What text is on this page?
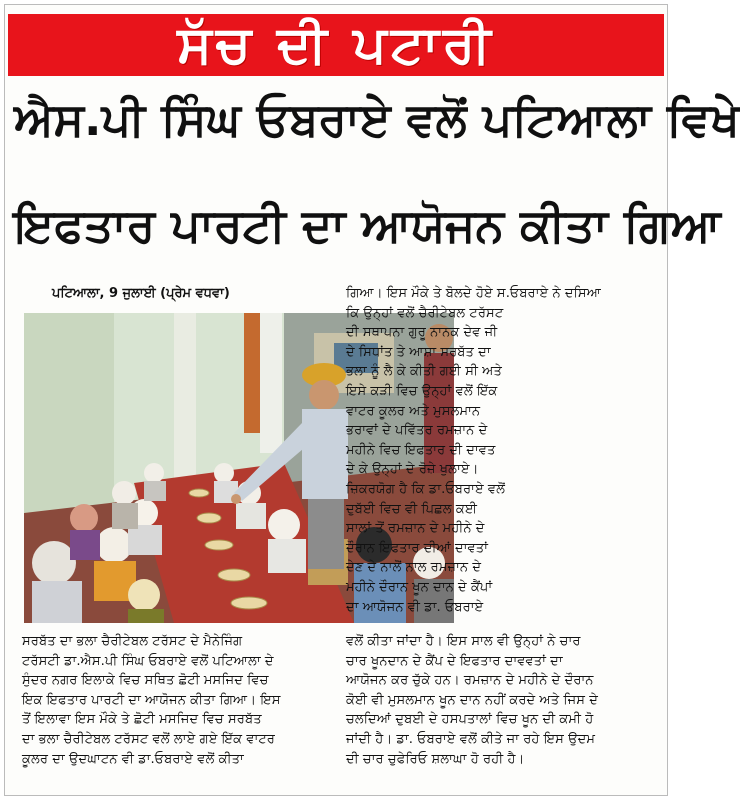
ਸੱਚ ਦੀ ਪਟਾਰੀ
ਐਸ.ਪੀ ਸਿੰਘ ਓਬਰਾਏ ਵਲੋਂ ਪਟਿਆਲਾ ਵਿਖੇ
ਇਫਤਾਰ ਪਾਰਟੀ ਦਾ ਆਯੋਜਨ ਕੀਤਾ ਗਿਆ
ਪਟਿਆਲਾ, 9 ਜੁਲਾਈ (ਪ੍ਰੇਮ ਵਧਵਾ)	ਗਿਆ। ਇਸ ਮੌਕੇ ਤੇ ਬੋਲਦੇ ਹੋਏ ਸ.ਓਬਰਾਏ ਨੇ ਦਸਿਆ
ਕਿ ਉਨ੍ਹਾਂ ਵਲੋਂ ਚੈਰੀਟੇਬਲ ਟਰੱਸਟ
ਦੀ ਸਥਾਪਨਾ ਗੁਰੂ ਨਾਨਕ ਦੇਵ ਜੀ
ਦੇ ਸਿਧਾਂਤ ਤੇ ਆਸ਼ਾ ਸਰਬੱਤ ਦਾ
ਭਲਾ ਨੂੰ ਲੈ ਕੇ ਕੀਤੀ ਗਈ ਸੀ ਅਤੇ
ਇਸੇ ਕੜੀ ਵਿਚ ਉਨ੍ਹਾਂ ਵਲੋਂ ਇੱਕ
ਵਾਟਰ ਕੂਲਰ ਅਤੇ ਮੁਸਲਮਾਨ
ਭਰਾਵਾਂ ਦੇ ਪਵਿੱਤਰ ਰਮਜ਼ਾਨ ਦੇ
ਮਹੀਨੇ ਵਿਚ ਇਫਤਾਰ ਦੀ ਦਾਵਤ
ਦੇ ਕੇ ਉਨ੍ਹਾਂ ਦੇ ਰੋਜ਼ੇ ਖੁਲਾਏ।
ਜ਼ਿਕਰਯੋਗ ਹੈ ਕਿ ਡਾ.ਓਬਰਾਏ ਵਲੋਂ
ਦੁਬੱਈ ਵਿਚ ਵੀ ਪਿਛਲ ਕਈ
ਸਾਲਾਂ ਤੋਂ ਰਮਜ਼ਾਨ ਦੇ ਮਹੀਨੇ ਦੇ
ਦੌਰਾਨ ਇਫਤਾਰ ਦੀਆਂ ਦਾਵਤਾਂ
ਦੇਣ ਦੇ ਨਾਲੋਂ ਨਾਲ ਰਮਜ਼ਾਨ ਦੇ
ਮਹੀਨੇ ਦੌਰਾਨ ਖੂਨ ਦਾਨ ਦੇ ਕੈਂਪਾਂ
ਦਾ ਆਯੋਜਨ ਵੀ ਡਾ. ਓਬਰਾਏ
ਸਰਬੱਤ ਦਾ ਭਲਾ ਚੈਰੀਟੇਬਲ ਟਰੱਸਟ ਦੇ ਮੈਨੇਜਿੰਗ
ਟਰੱਸਟੀ ਡਾ.ਐਸ.ਪੀ ਸਿੰਘ ਓਬਰਾਏ ਵਲੋਂ ਪਟਿਆਲਾ ਦੇ
ਸੁੰਦਰ ਨਗਰ ਇਲਾਕੇ ਵਿਚ ਸਥਿਤ ਛੋਟੀ ਮਸਜਿਦ ਵਿਚ
ਇਕ ਇਫਤਾਰ ਪਾਰਟੀ ਦਾ ਆਯੋਜਨ ਕੀਤਾ ਗਿਆ। ਇਸ
ਤੋਂ ਇਲਾਵਾ ਇਸ ਮੌਕੇ ਤੇ ਛੋਟੀ ਮਸਜਿਦ ਵਿਚ ਸਰਬੱਤ
ਦਾ ਭਲਾ ਚੈਰੀਟੇਬਲ ਟਰੱਸਟ ਵਲੋਂ ਲਾਏ ਗਏ ਇੱਕ ਵਾਟਰ
ਕੂਲਰ ਦਾ ਉਦਘਾਟਨ ਵੀ ਡਾ.ਓਬਰਾਏ ਵਲੋਂ ਕੀਤਾ
ਵਲੋਂ ਕੀਤਾ ਜਾਂਦਾ ਹੈ। ਇਸ ਸਾਲ ਵੀ ਉਨ੍ਹਾਂ ਨੇ ਚਾਰ
ਚਾਰ ਖੂਨਦਾਨ ਦੇ ਕੈਂਪ ਦੇ ਇਫਤਾਰ ਦਾਵਵਤਾਂ ਦਾ
ਆਯੋਜਨ ਕਰ ਚੁੱਕੇ ਹਨ। ਰਮਜ਼ਾਨ ਦੇ ਮਹੀਨੇ ਦੇ ਦੌਰਾਨ
ਕੋਈ ਵੀ ਮੁਸਲਮਾਨ ਖੂਨ ਦਾਨ ਨਹੀਂ ਕਰਦੇ ਅਤੇ ਜਿਸ ਦੇ
ਚਲਦਿਆਂ ਦੁਬਈ ਦੇ ਹਸਪਤਾਲਾਂ ਵਿਚ ਖੂਨ ਦੀ ਕਮੀ ਹੋ
ਜਾਂਦੀ ਹੈ। ਡਾ. ਓਬਰਾਏ ਵਲੋਂ ਕੀਤੇ ਜਾ ਰਹੇ ਇਸ ਉਦਮ
ਦੀ ਚਾਰ ਚੁਫੇਰਿਓ ਸ਼ਲਾਘਾ ਹੋ ਰਹੀ ਹੈ।
